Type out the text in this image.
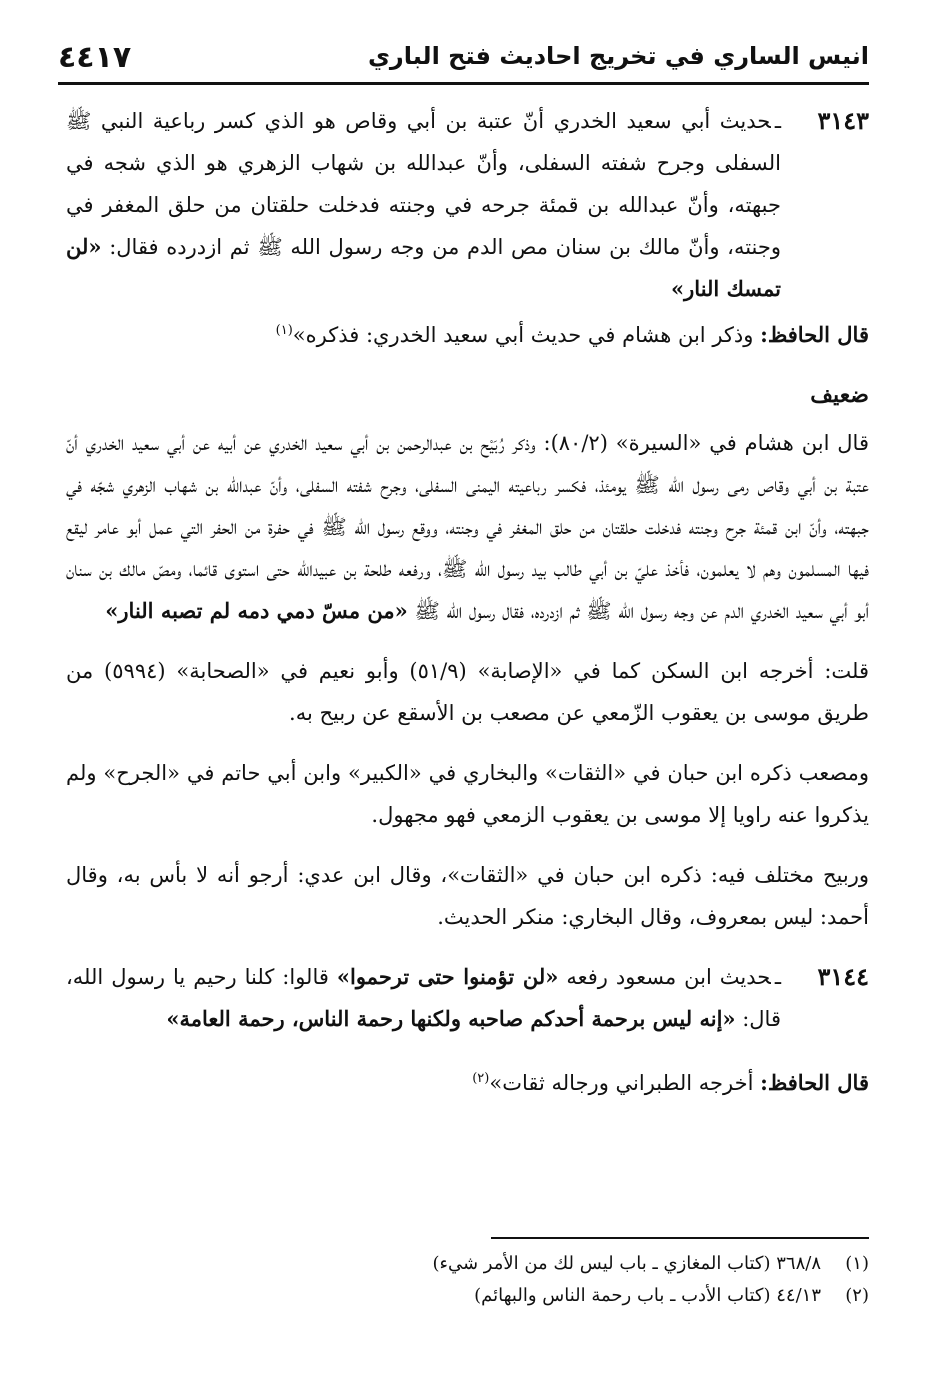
انيس الساري في تخريج احاديث فتح الباري
٤٤١٧

٣١٤٣
ـحديث أبي سعيد الخدري أنّ عتبة بن أبي وقاص هو الذي كسر رباعية النبي ﷺ السفلى وجرح شفته السفلى، وأنّ عبدالله بن شهاب الزهري هو الذي شجه في جبهته، وأنّ عبدالله بن قمئة جرحه في وجنته فدخلت حلقتان من حلق المغفر في وجنته، وأنّ مالك بن سنان مص الدم من وجه رسول الله ﷺ ثم ازدرده فقال: «لن تمسك النار»

قال الحافظ: وذكر ابن هشام في حديث أبي سعيد الخدري: فذكره»$^{(١)}$

ضعيف

قال ابن هشام في «السيرة» (٨٠/٢): وذكر رُبَيْح بن عبدالرحمن بن أبي سعيد الخدري عن أبيه عن أبي سعيد الخدري أنّ عتبة بن أبي وقاص رمى رسول الله ﷺ يومئذ، فكسر رباعيته اليمنى السفلى، وجرح شفته السفلى، وأنّ عبدالله بن شهاب الزهري شجّه في جبهته، وأنّ ابن قمئة جرح وجنته فدخلت حلقتان من حلق المغفر في وجنته، ووقع رسول الله ﷺ في حفرة من الحفر التي عمل أبو عامر ليقع فيها المسلمون وهم لا يعلمون، فأخذ عليّ بن أبي طالب بيد رسول الله ﷺ، ورفعه طلحة بن عبيدالله حتى استوى قائما، ومصّ مالك بن سنان أبو أبي سعيد الخدري الدم عن وجه رسول الله ﷺ ثم ازدرده، فقال رسول الله ﷺ «من مسّ دمي دمه لم تصبه النار»

قلت: أخرجه ابن السكن كما في «الإصابة» (٥١/٩) وأبو نعيم في «الصحابة» (٥٩٩٤) من طريق موسى بن يعقوب الزّمعي عن مصعب بن الأسقع عن ربيح به.

ومصعب ذكره ابن حبان في «الثقات» والبخاري في «الكبير» وابن أبي حاتم في «الجرح» ولم يذكروا عنه راويا إلا موسى بن يعقوب الزمعي فهو مجهول.

وربيح مختلف فيه: ذكره ابن حبان في «الثقات»، وقال ابن عدي: أرجو أنه لا بأس به، وقال أحمد: ليس بمعروف، وقال البخاري: منكر الحديث.

٣١٤٤
ـحديث ابن مسعود رفعه «لن تؤمنوا حتى ترحموا» قالوا: كلنا رحيم يا رسول الله، قال: «إنه ليس برحمة أحدكم صاحبه ولكنها رحمة الناس، رحمة العامة»

قال الحافظ: أخرجه الطبراني ورجاله ثقات»$^{(٢)}$

(١)
٣٦٨/٨ (كتاب المغازي ـ باب ليس لك من الأمر شيء)
(٢)
٤٤/١٣ (كتاب الأدب ـ باب رحمة الناس والبهائم)
